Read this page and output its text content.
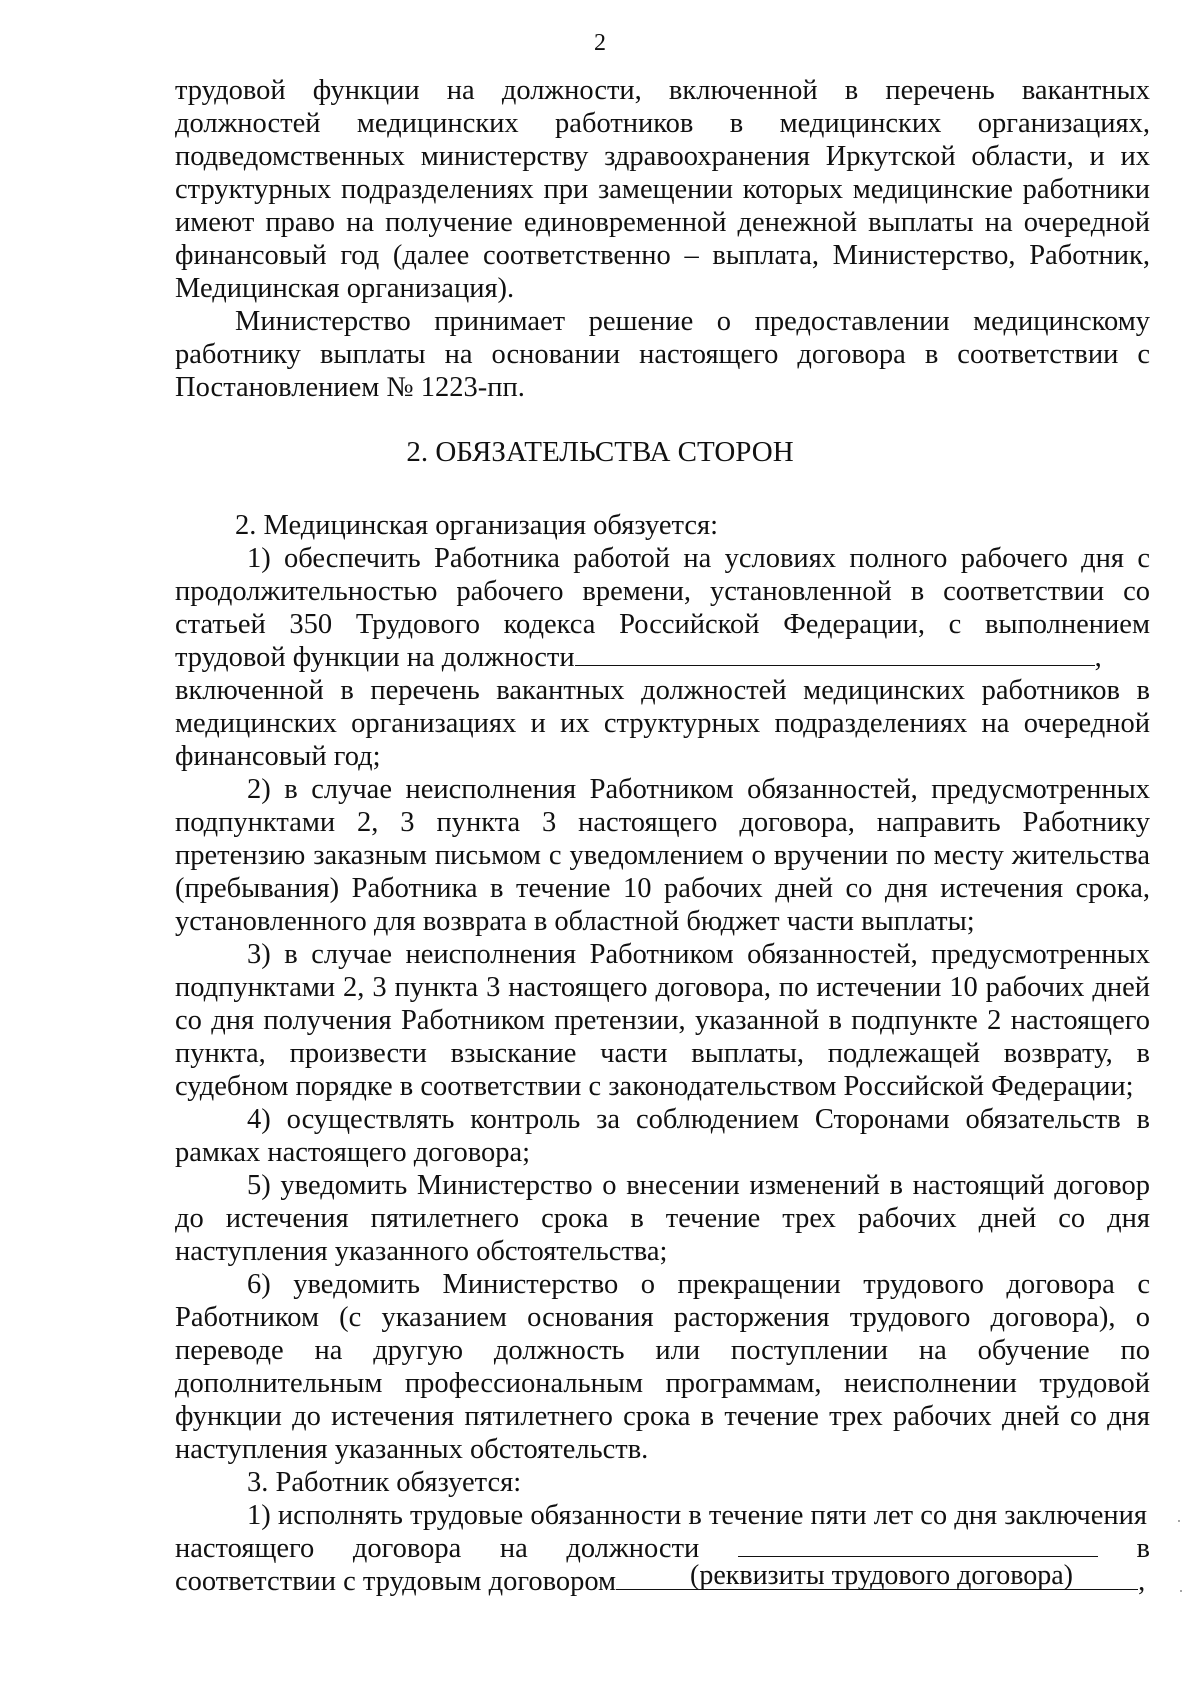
2

трудовой функции на должности, включенной в перечень вакантных должностей медицинских работников в медицинских организациях, подведомственных министерству здравоохранения Иркутской области, и их структурных подразделениях при замещении которых медицинские работники имеют право на получение единовременной денежной выплаты на очередной финансовый год (далее соответственно – выплата, Министерство, Работник, Медицинская организация).

Министерство принимает решение о предоставлении медицинскому работнику выплаты на основании настоящего договора в соответствии с Постановлением № 1223-пп.

2. ОБЯЗАТЕЛЬСТВА СТОРОН

2. Медицинская организация обязуется:

1) обеспечить Работника работой на условиях полного рабочего дня с продолжительностью рабочего времени, установленной в соответствии со статьей 350 Трудового кодекса Российской Федерации, с выполнением трудовой функции на должности	,

включенной в перечень вакантных должностей медицинских работников в медицинских организациях и их структурных подразделениях на очередной финансовый год;

2) в случае неисполнения Работником обязанностей, предусмотренных подпунктами 2, 3 пункта 3 настоящего договора, направить Работнику претензию заказным письмом с уведомлением о вручении по месту жительства (пребывания) Работника в течение 10 рабочих дней со дня истечения срока, установленного для возврата в областной бюджет части выплаты;

3) в случае неисполнения Работником обязанностей, предусмотренных подпунктами 2, 3 пункта 3 настоящего договора, по истечении 10 рабочих дней со дня получения Работником претензии, указанной в подпункте 2 настоящего пункта, произвести взыскание части выплаты, подлежащей возврату, в судебном порядке в соответствии с законодательством Российской Федерации;

4) осуществлять контроль за соблюдением Сторонами обязательств в рамках настоящего договора;

5) уведомить Министерство о внесении изменений в настоящий договор до истечения пятилетнего срока в течение трех рабочих дней со дня наступления указанного обстоятельства;

6) уведомить Министерство о прекращении трудового договора с Работником (с указанием основания расторжения трудового договора), о переводе на другую должность или поступлении на обучение по дополнительным профессиональным программам, неисполнении трудовой функции до истечения пятилетнего срока в течение трех рабочих дней со дня наступления указанных обстоятельств.

3. Работник обязуется:

1) исполнять трудовые обязанности в течение пяти лет со дня заключения

настоящего договора на должности	в
соответствии с трудовым договором	,
(реквизиты трудового договора)
